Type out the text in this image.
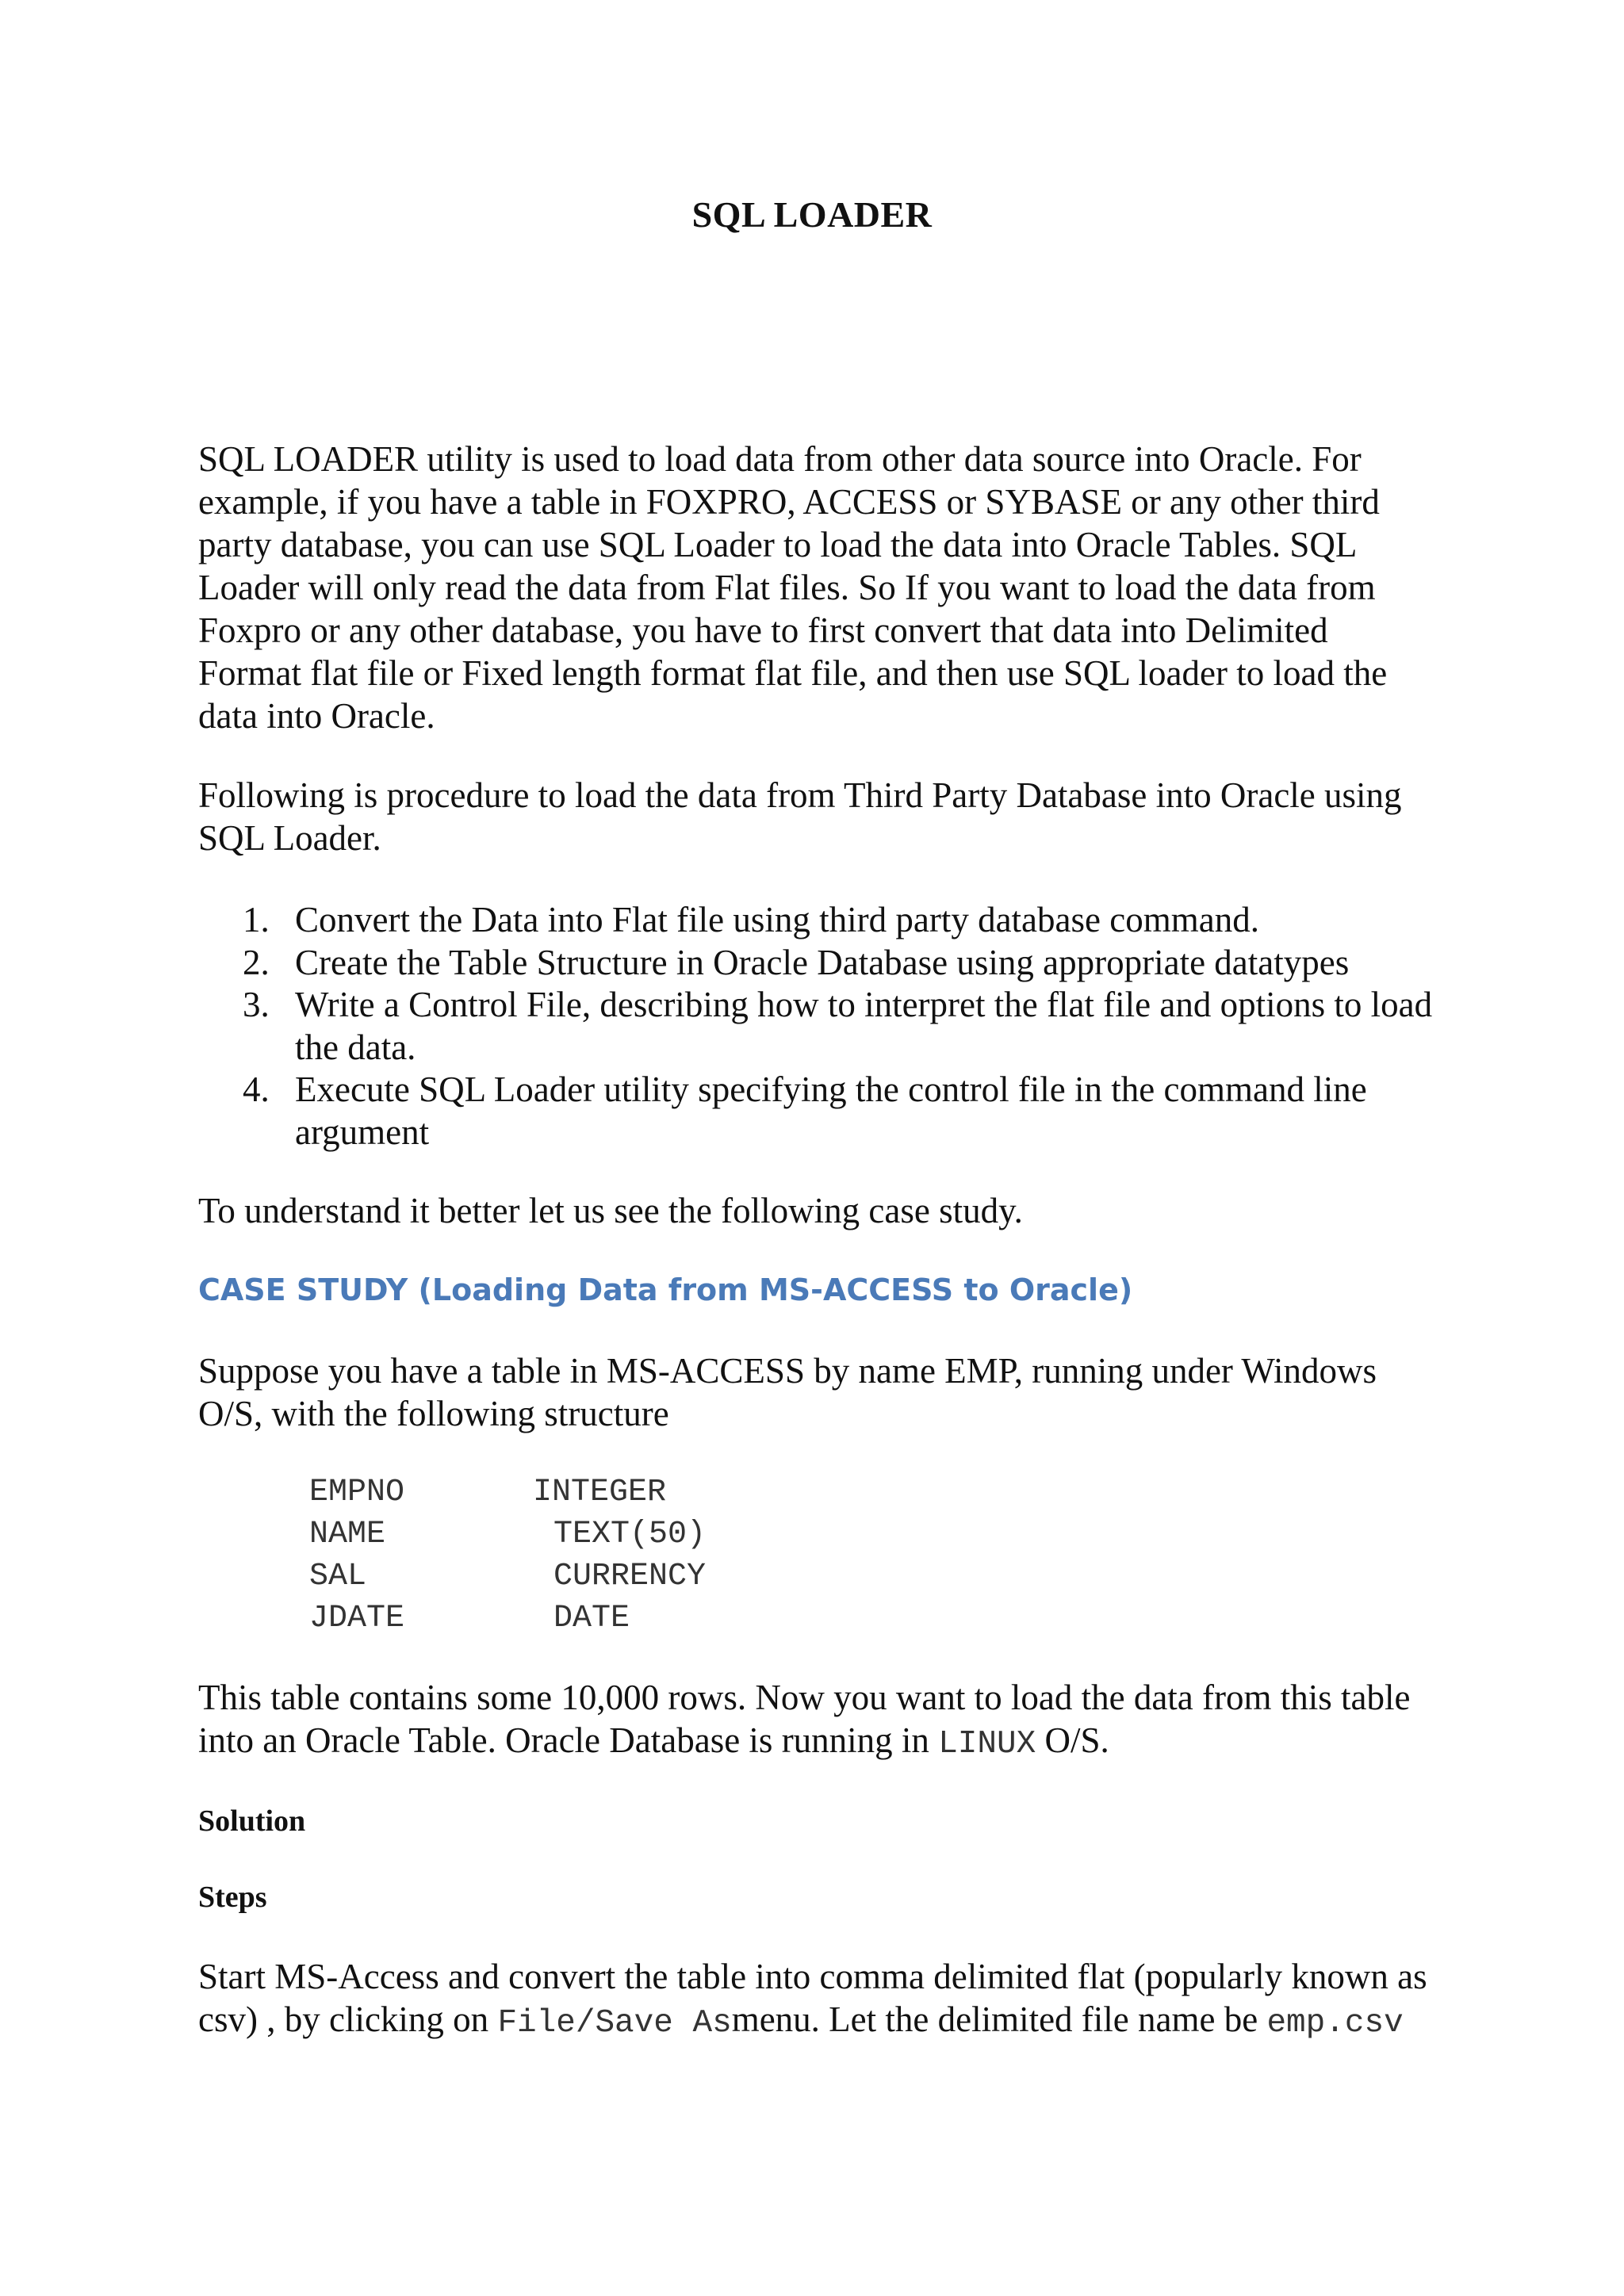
SQL LOADER

SQL LOADER utility is used to load data from other data source into Oracle. For example, if you have a table in FOXPRO, ACCESS or SYBASE or any other third party database, you can use SQL Loader to load the data into Oracle Tables. SQL Loader will only read the data from Flat files. So If you want to load the data from Foxpro or any other database, you have to first convert that data into Delimited Format flat file or Fixed length format flat file, and then use SQL loader to load the data into Oracle.

Following is procedure to load the data from Third Party Database into Oracle using SQL Loader.

1. Convert the Data into Flat file using third party database command.
2. Create the Table Structure in Oracle Database using appropriate datatypes
3. Write a Control File, describing how to interpret the flat file and options to load the data.
4. Execute SQL Loader utility specifying the control file in the command line argument

To understand it better let us see the following case study.

CASE STUDY (Loading Data from MS-ACCESS to Oracle)

Suppose you have a table in MS-ACCESS by name EMP, running under Windows O/S, with the following structure

EMPNO	INTEGER
NAME	TEXT(50)
SAL	CURRENCY
JDATE	DATE

This table contains some 10,000 rows. Now you want to load the data from this table into an Oracle Table. Oracle Database is running in LINUX O/S.

Solution
Steps

Start MS-Access and convert the table into comma delimited flat (popularly known as csv) , by clicking on File/Save Asmenu. Let the delimited file name be emp.csv
